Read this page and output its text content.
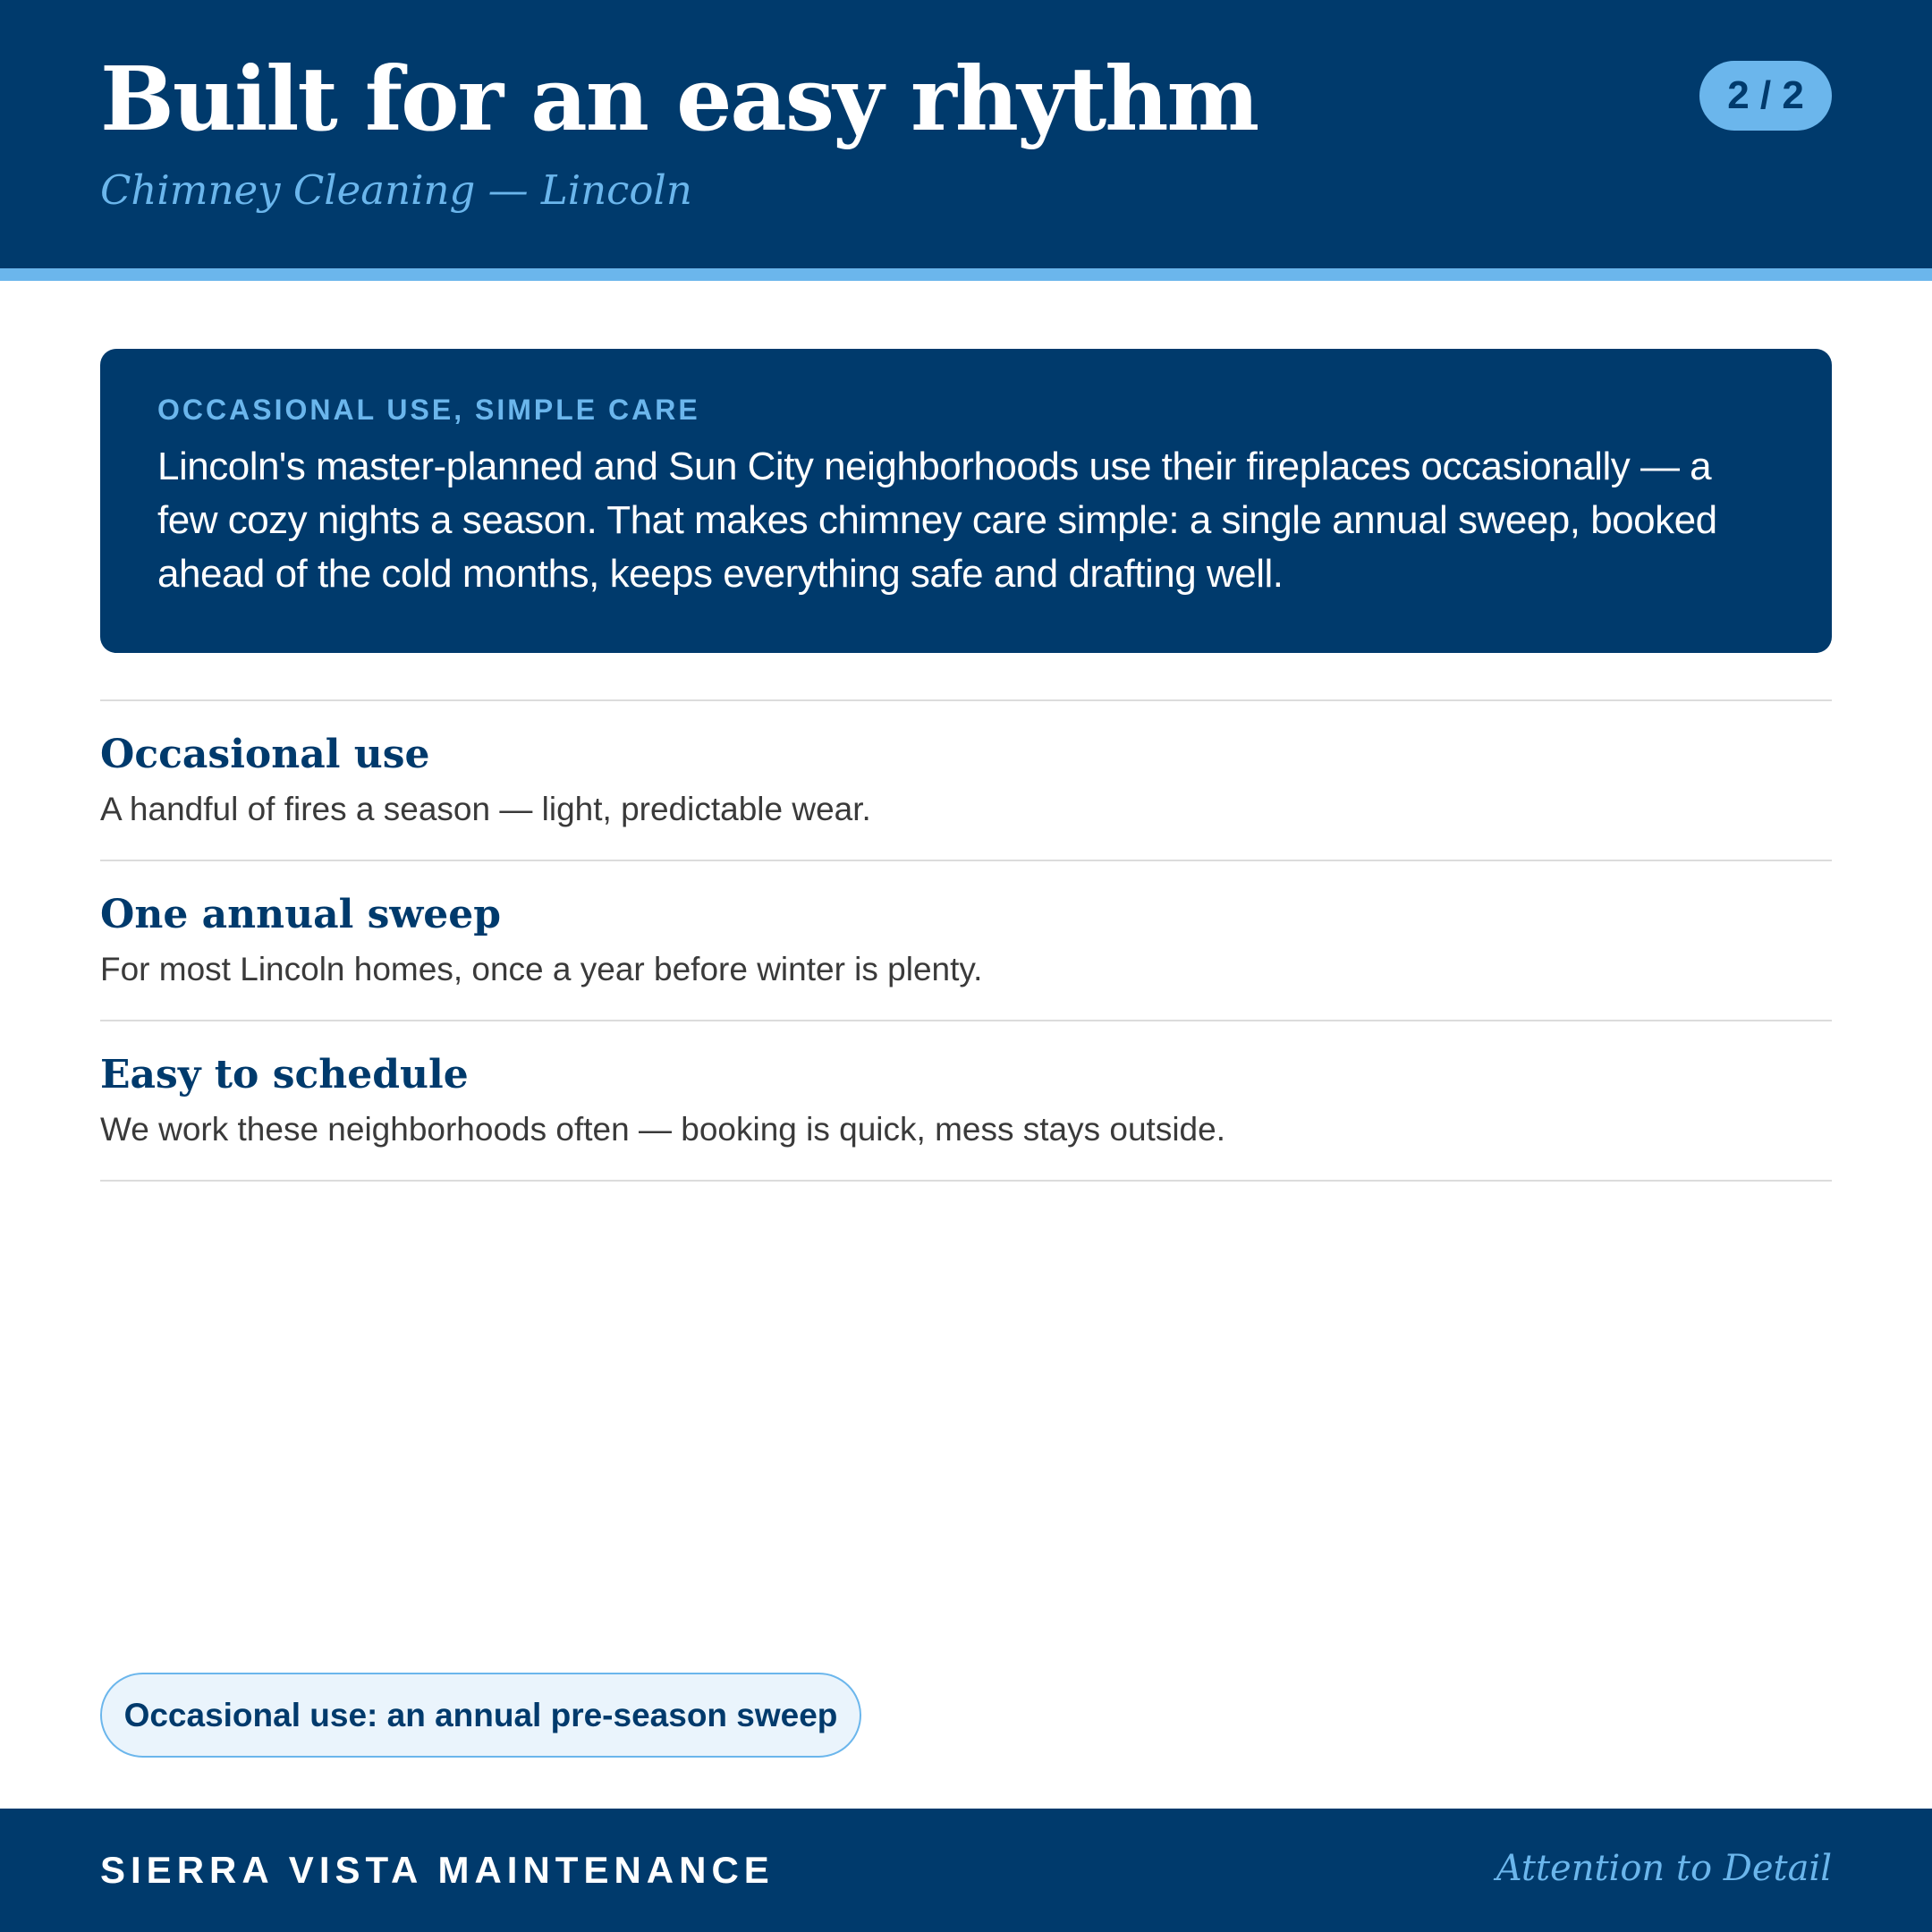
Built for an easy rhythm
Chimney Cleaning — Lincoln
2 / 2
OCCASIONAL USE, SIMPLE CARE
Lincoln's master-planned and Sun City neighborhoods use their fireplaces occasionally — a few cozy nights a season. That makes chimney care simple: a single annual sweep, booked ahead of the cold months, keeps everything safe and drafting well.
Occasional use
A handful of fires a season — light, predictable wear.
One annual sweep
For most Lincoln homes, once a year before winter is plenty.
Easy to schedule
We work these neighborhoods often — booking is quick, mess stays outside.
Occasional use: an annual pre-season sweep
SIERRA VISTA MAINTENANCE	Attention to Detail
